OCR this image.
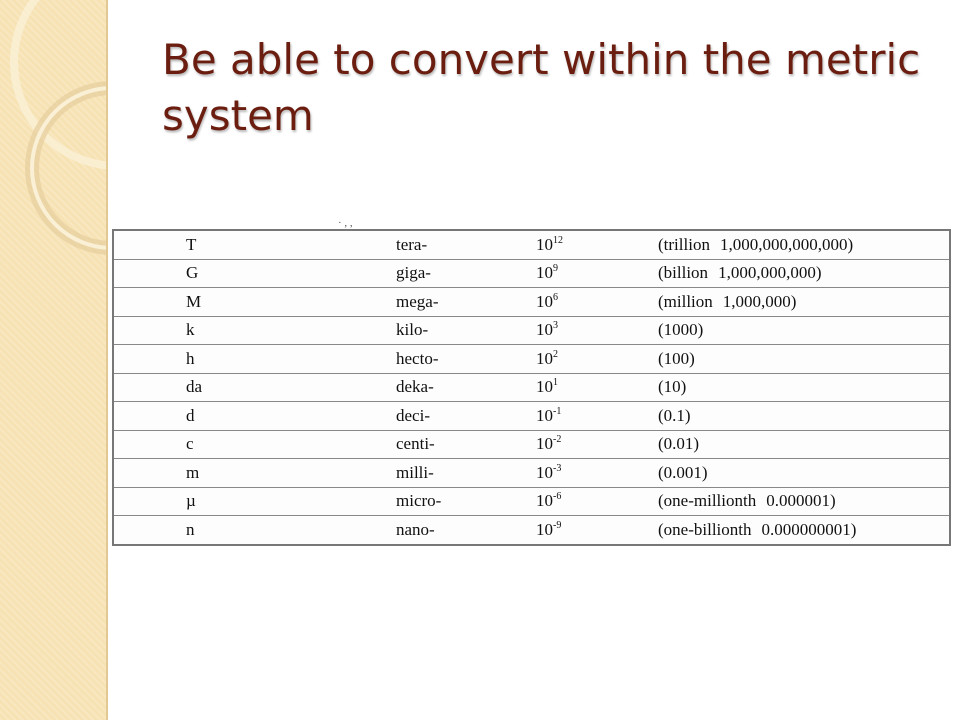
Be able to convert within the metric system
· , ,
T	tera-	$10^{12}$	(trillion 1,000,000,000,000)
G	giga-	$10^9$	(billion 1,000,000,000)
M	mega-	$10^6$	(million 1,000,000)
k	kilo-	$10^3$	(1000)
h	hecto-	$10^2$	(100)
da	deka-	$10^1$	(10)
d	deci-	$10^{-1}$	(0.1)
c	centi-	$10^{-2}$	(0.01)
m	milli-	$10^{-3}$	(0.001)
µ	micro-	$10^{-6}$	(one-millionth 0.000001)
n	nano-	$10^{-9}$	(one-billionth 0.000000001)
